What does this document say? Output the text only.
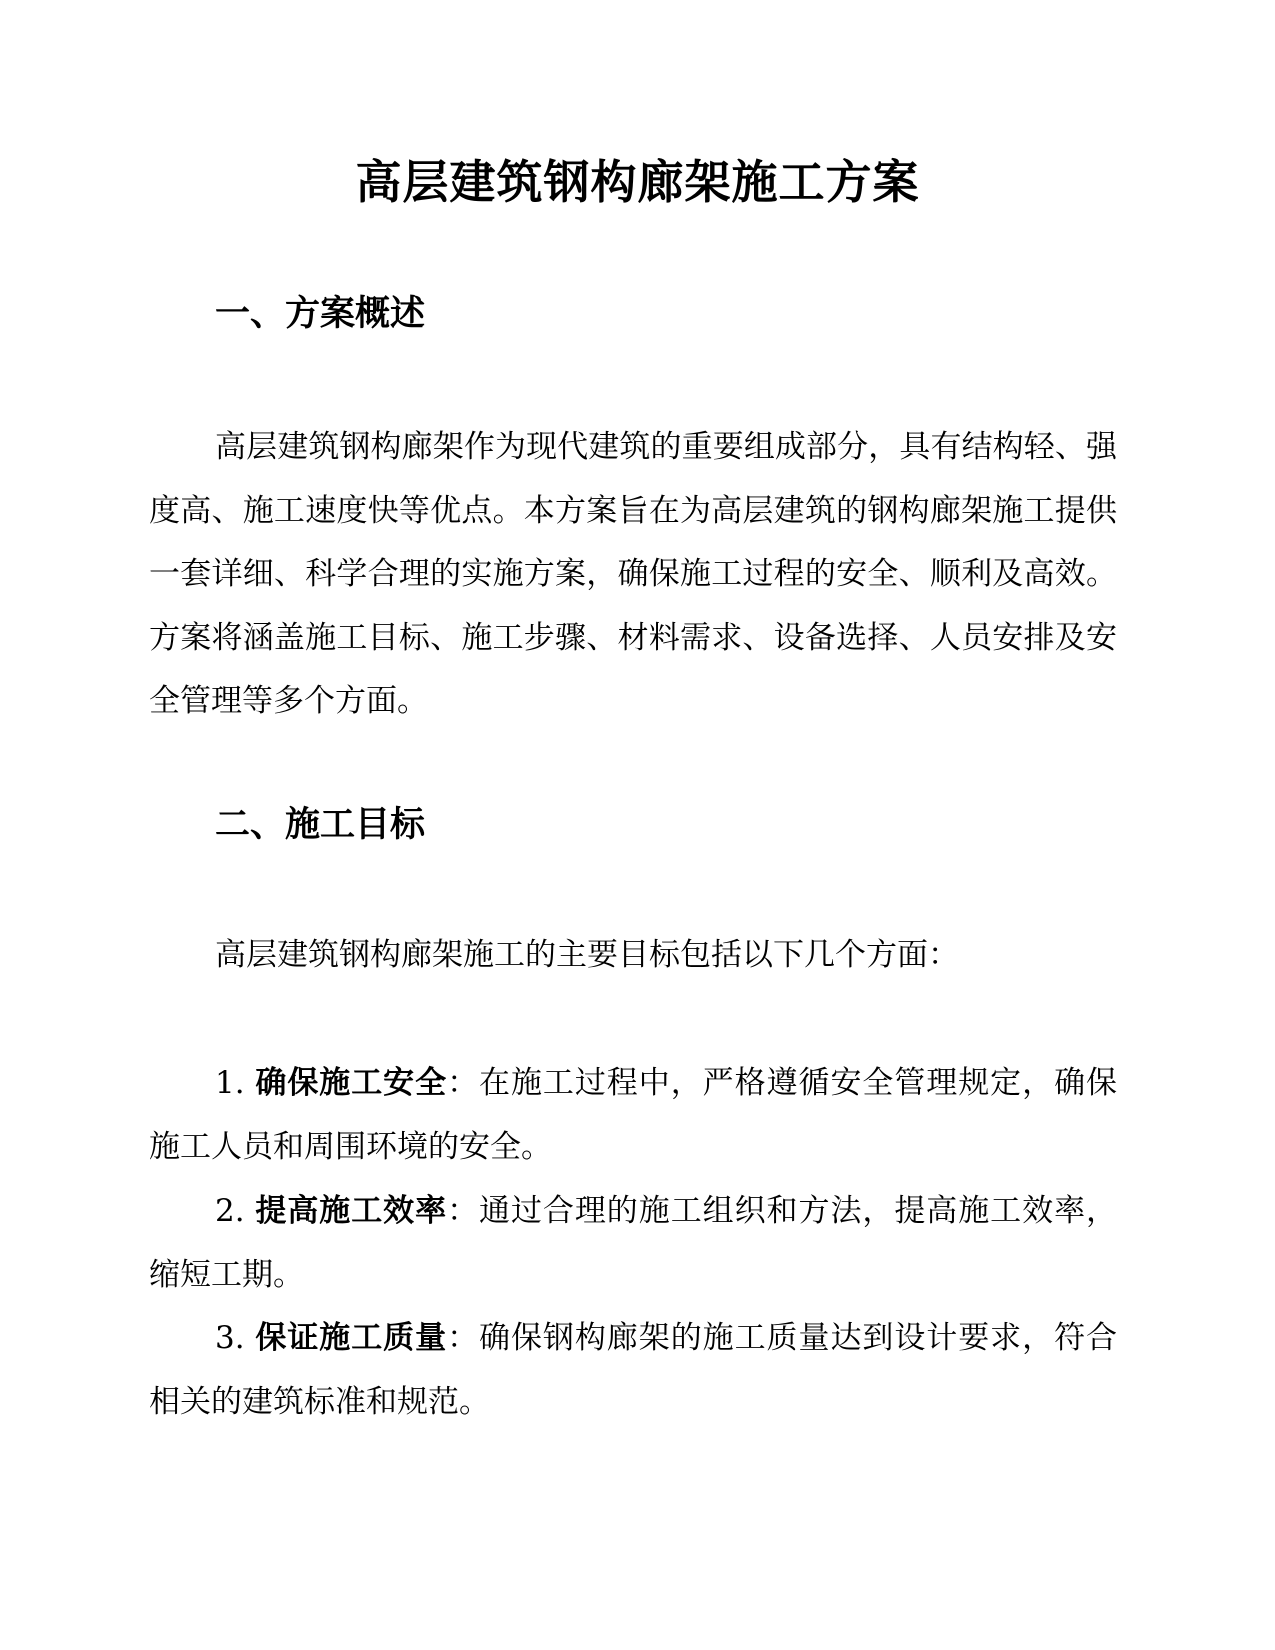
高层建筑钢构廊架施工方案
一、方案概述

高层建筑钢构廊架作为现代建筑的重要组成部分，具有结构轻、强度高、施工速度快等优点。本方案旨在为高层建筑的钢构廊架施工提供一套详细、科学合理的实施方案，确保施工过程的安全、顺利及高效。方案将涵盖施工目标、施工步骤、材料需求、设备选择、人员安排及安全管理等多个方面。

二、施工目标

高层建筑钢构廊架施工的主要目标包括以下几个方面：

1. 确保施工安全：在施工过程中，严格遵循安全管理规定，确保施工人员和周围环境的安全。

2. 提高施工效率：通过合理的施工组织和方法，提高施工效率，缩短工期。

3. 保证施工质量：确保钢构廊架的施工质量达到设计要求，符合相关的建筑标准和规范。
